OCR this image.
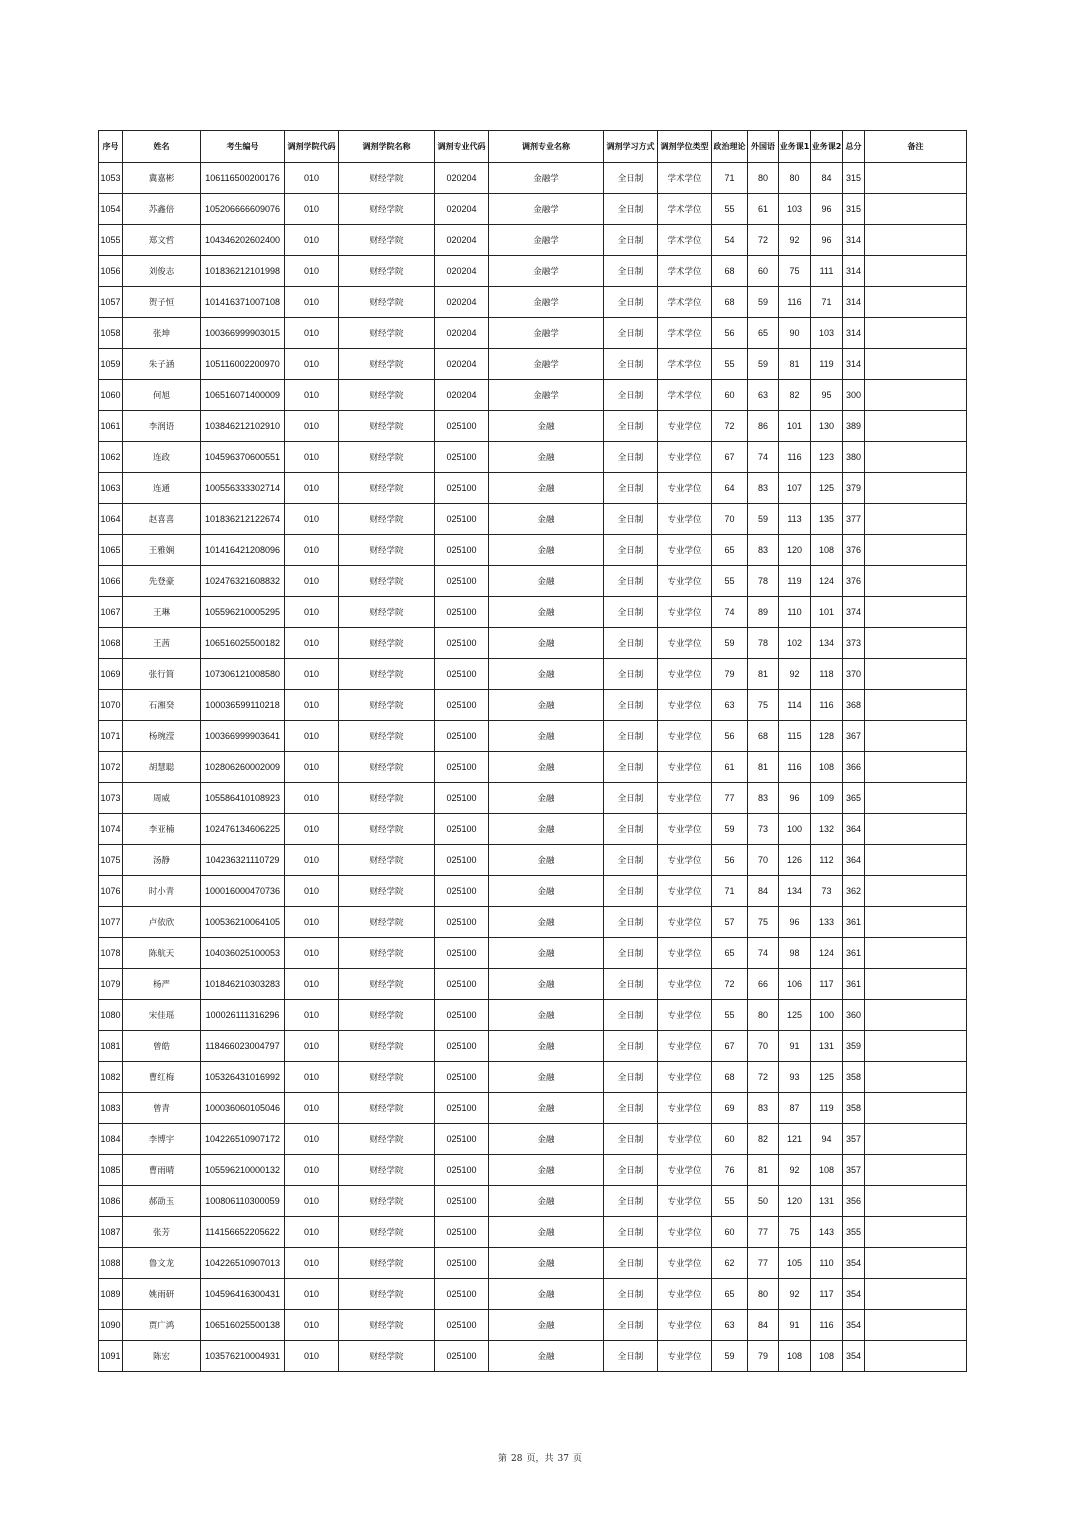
序号	姓名	考生编号	调剂学院代码	调剂学院名称	调剂专业代码	调剂专业名称	调剂学习方式	调剂学位类型	政治理论	外国语	业务课1	业务课2	总分	备注
1053	冀嘉彬	106116500200176	010	财经学院	020204	金融学	全日制	学术学位	71	80	80	84	315	
1054	苏鑫倍	105206666609076	010	财经学院	020204	金融学	全日制	学术学位	55	61	103	96	315	
1055	郑文哲	104346202602400	010	财经学院	020204	金融学	全日制	学术学位	54	72	92	96	314	
1056	刘俊志	101836212101998	010	财经学院	020204	金融学	全日制	学术学位	68	60	75	111	314	
1057	贺子恒	101416371007108	010	财经学院	020204	金融学	全日制	学术学位	68	59	116	71	314	
1058	张坤	100366999903015	010	财经学院	020204	金融学	全日制	学术学位	56	65	90	103	314	
1059	朱子涵	105116002200970	010	财经学院	020204	金融学	全日制	学术学位	55	59	81	119	314	
1060	何旭	106516071400009	010	财经学院	020204	金融学	全日制	学术学位	60	63	82	95	300	
1061	李润语	103846212102910	010	财经学院	025100	金融	全日制	专业学位	72	86	101	130	389	
1062	连政	104596370600551	010	财经学院	025100	金融	全日制	专业学位	67	74	116	123	380	
1063	连通	100556333302714	010	财经学院	025100	金融	全日制	专业学位	64	83	107	125	379	
1064	赵喜喜	101836212122674	010	财经学院	025100	金融	全日制	专业学位	70	59	113	135	377	
1065	王雅娴	101416421208096	010	财经学院	025100	金融	全日制	专业学位	65	83	120	108	376	
1066	先登豪	102476321608832	010	财经学院	025100	金融	全日制	专业学位	55	78	119	124	376	
1067	王琳	105596210005295	010	财经学院	025100	金融	全日制	专业学位	74	89	110	101	374	
1068	王茜	106516025500182	010	财经学院	025100	金融	全日制	专业学位	59	78	102	134	373	
1069	张行简	107306121008580	010	财经学院	025100	金融	全日制	专业学位	79	81	92	118	370	
1070	石湘癸	100036599110218	010	财经学院	025100	金融	全日制	专业学位	63	75	114	116	368	
1071	杨琬滢	100366999903641	010	财经学院	025100	金融	全日制	专业学位	56	68	115	128	367	
1072	胡慧聪	102806260002009	010	财经学院	025100	金融	全日制	专业学位	61	81	116	108	366	
1073	周威	105586410108923	010	财经学院	025100	金融	全日制	专业学位	77	83	96	109	365	
1074	李亚楠	102476134606225	010	财经学院	025100	金融	全日制	专业学位	59	73	100	132	364	
1075	汤静	104236321110729	010	财经学院	025100	金融	全日制	专业学位	56	70	126	112	364	
1076	时小青	100016000470736	010	财经学院	025100	金融	全日制	专业学位	71	84	134	73	362	
1077	卢依欣	100536210064105	010	财经学院	025100	金融	全日制	专业学位	57	75	96	133	361	
1078	陈航天	104036025100053	010	财经学院	025100	金融	全日制	专业学位	65	74	98	124	361	
1079	杨严	101846210303283	010	财经学院	025100	金融	全日制	专业学位	72	66	106	117	361	
1080	宋佳瑶	100026111316296	010	财经学院	025100	金融	全日制	专业学位	55	80	125	100	360	
1081	曾皓	118466023004797	010	财经学院	025100	金融	全日制	专业学位	67	70	91	131	359	
1082	曹红梅	105326431016992	010	财经学院	025100	金融	全日制	专业学位	68	72	93	125	358	
1083	曾青	100036060105046	010	财经学院	025100	金融	全日制	专业学位	69	83	87	119	358	
1084	李博宇	104226510907172	010	财经学院	025100	金融	全日制	专业学位	60	82	121	94	357	
1085	曹雨晴	105596210000132	010	财经学院	025100	金融	全日制	专业学位	76	81	92	108	357	
1086	郝劭玉	100806110300059	010	财经学院	025100	金融	全日制	专业学位	55	50	120	131	356	
1087	张芳	114156652205622	010	财经学院	025100	金融	全日制	专业学位	60	77	75	143	355	
1088	鲁文龙	104226510907013	010	财经学院	025100	金融	全日制	专业学位	62	77	105	110	354	
1089	姚雨研	104596416300431	010	财经学院	025100	金融	全日制	专业学位	65	80	92	117	354	
1090	贾广鸿	106516025500138	010	财经学院	025100	金融	全日制	专业学位	63	84	91	116	354	
1091	陈宏	103576210004931	010	财经学院	025100	金融	全日制	专业学位	59	79	108	108	354	
第 28 页，共 37 页
